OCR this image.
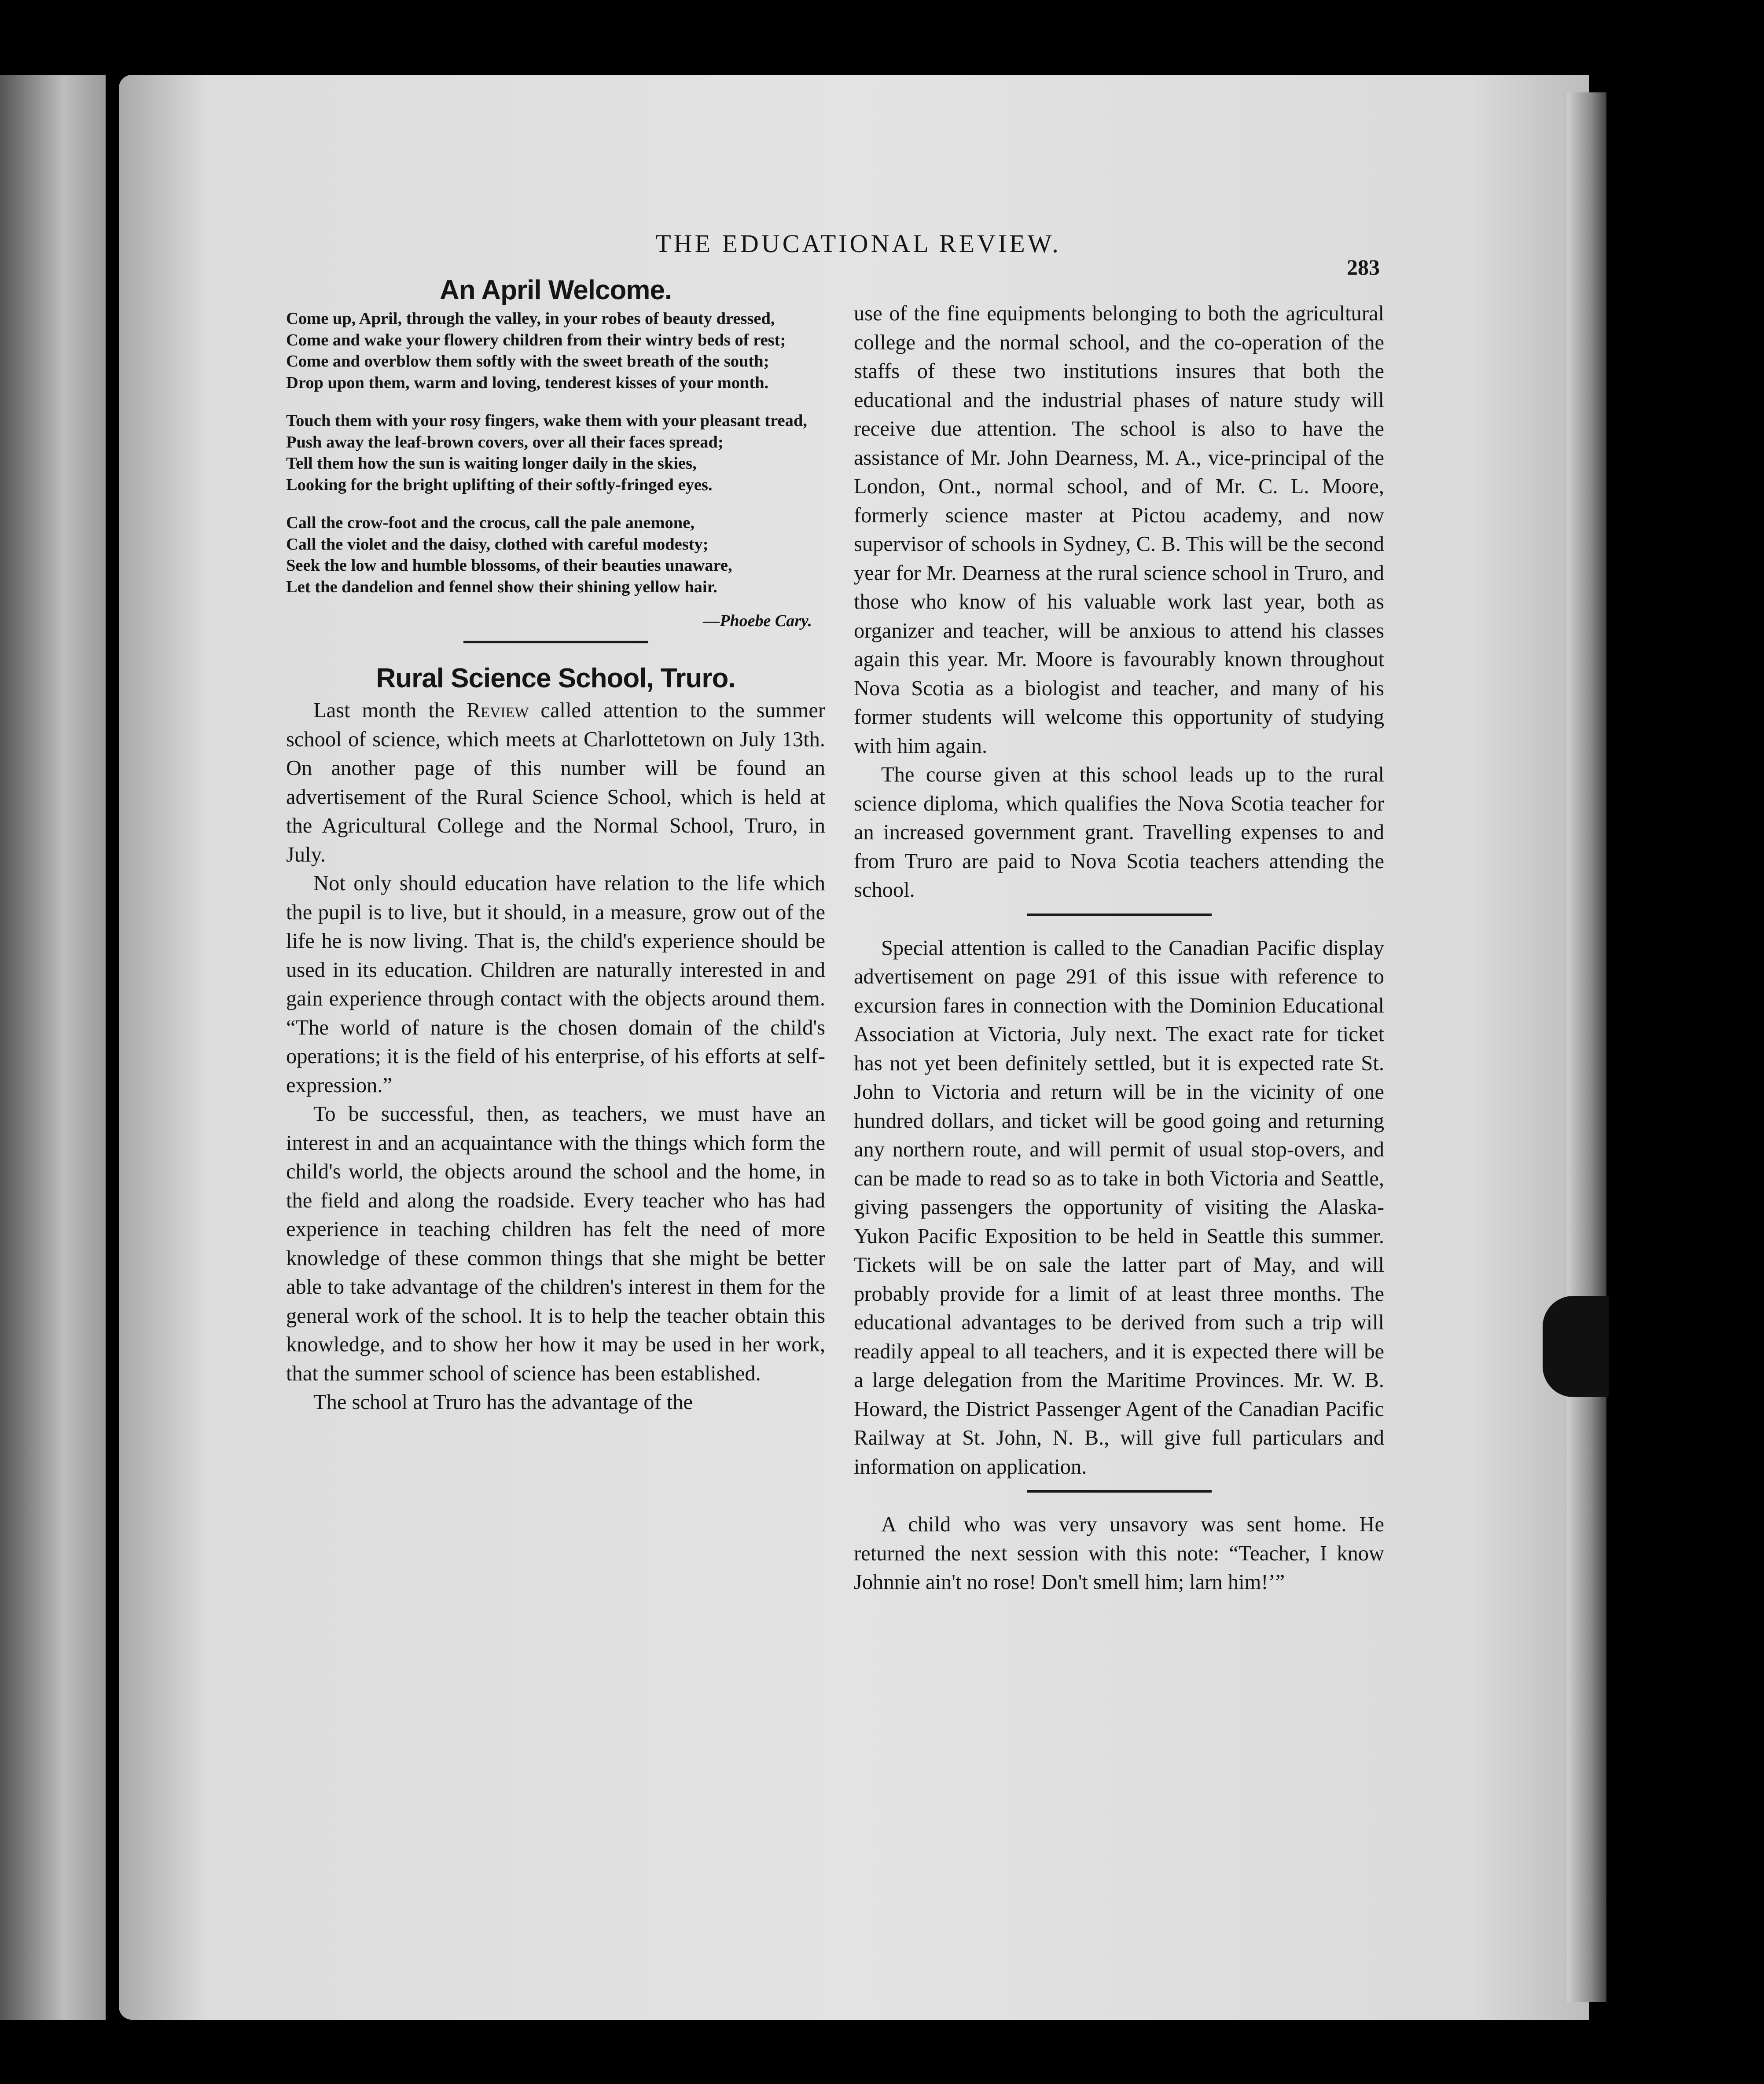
THE EDUCATIONAL REVIEW.
283
An April Welcome.
Come up, April, through the valley, in your robes of beauty dressed,
Come and wake your flowery children from their wintry beds of rest;
Come and overblow them softly with the sweet breath of the south;
Drop upon them, warm and loving, tenderest kisses of your month.
Touch them with your rosy fingers, wake them with your pleasant tread,
Push away the leaf-brown covers, over all their faces spread;
Tell them how the sun is waiting longer daily in the skies,
Looking for the bright uplifting of their softly-fringed eyes.
Call the crow-foot and the crocus, call the pale anemone,
Call the violet and the daisy, clothed with careful modesty;
Seek the low and humble blossoms, of their beauties unaware,
Let the dandelion and fennel show their shining yellow hair.
—Phoebe Cary.
Rural Science School, Truro.

Last month the Review called attention to the summer school of science, which meets at Charlottetown on July 13th. On another page of this number will be found an advertisement of the Rural Science School, which is held at the Agricultural College and the Normal School, Truro, in July.

Not only should education have relation to the life which the pupil is to live, but it should, in a measure, grow out of the life he is now living. That is, the child's experience should be used in its education. Children are naturally interested in and gain experience through contact with the objects around them. “The world of nature is the chosen domain of the child's operations; it is the field of his enterprise, of his efforts at self-expression.”

To be successful, then, as teachers, we must have an interest in and an acquaintance with the things which form the child's world, the objects around the school and the home, in the field and along the roadside. Every teacher who has had experience in teaching children has felt the need of more knowledge of these common things that she might be better able to take advantage of the children's interest in them for the general work of the school. It is to help the teacher obtain this knowledge, and to show her how it may be used in her work, that the summer school of science has been established.

The school at Truro has the advantage of the

use of the fine equipments belonging to both the agricultural college and the normal school, and the co-operation of the staffs of these two institutions insures that both the educational and the industrial phases of nature study will receive due attention. The school is also to have the assistance of Mr. John Dearness, M. A., vice-principal of the London, Ont., normal school, and of Mr. C. L. Moore, formerly science master at Pictou academy, and now supervisor of schools in Sydney, C. B. This will be the second year for Mr. Dearness at the rural science school in Truro, and those who know of his valuable work last year, both as organizer and teacher, will be anxious to attend his classes again this year. Mr. Moore is favourably known throughout Nova Scotia as a biologist and teacher, and many of his former students will welcome this opportunity of studying with him again.

The course given at this school leads up to the rural science diploma, which qualifies the Nova Scotia teacher for an increased government grant. Travelling expenses to and from Truro are paid to Nova Scotia teachers attending the school.

Special attention is called to the Canadian Pacific display advertisement on page 291 of this issue with reference to excursion fares in connection with the Dominion Educational Association at Victoria, July next. The exact rate for ticket has not yet been definitely settled, but it is expected rate St. John to Victoria and return will be in the vicinity of one hundred dollars, and ticket will be good going and returning any northern route, and will permit of usual stop-overs, and can be made to read so as to take in both Victoria and Seattle, giving passengers the opportunity of visiting the Alaska-Yukon Pacific Exposition to be held in Seattle this summer. Tickets will be on sale the latter part of May, and will probably provide for a limit of at least three months. The educational advantages to be derived from such a trip will readily appeal to all teachers, and it is expected there will be a large delegation from the Maritime Provinces. Mr. W. B. Howard, the District Passenger Agent of the Canadian Pacific Railway at St. John, N. B., will give full particulars and information on application.

A child who was very unsavory was sent home. He returned the next session with this note: “Teacher, I know Johnnie ain't no rose! Don't smell him; larn him!’”
